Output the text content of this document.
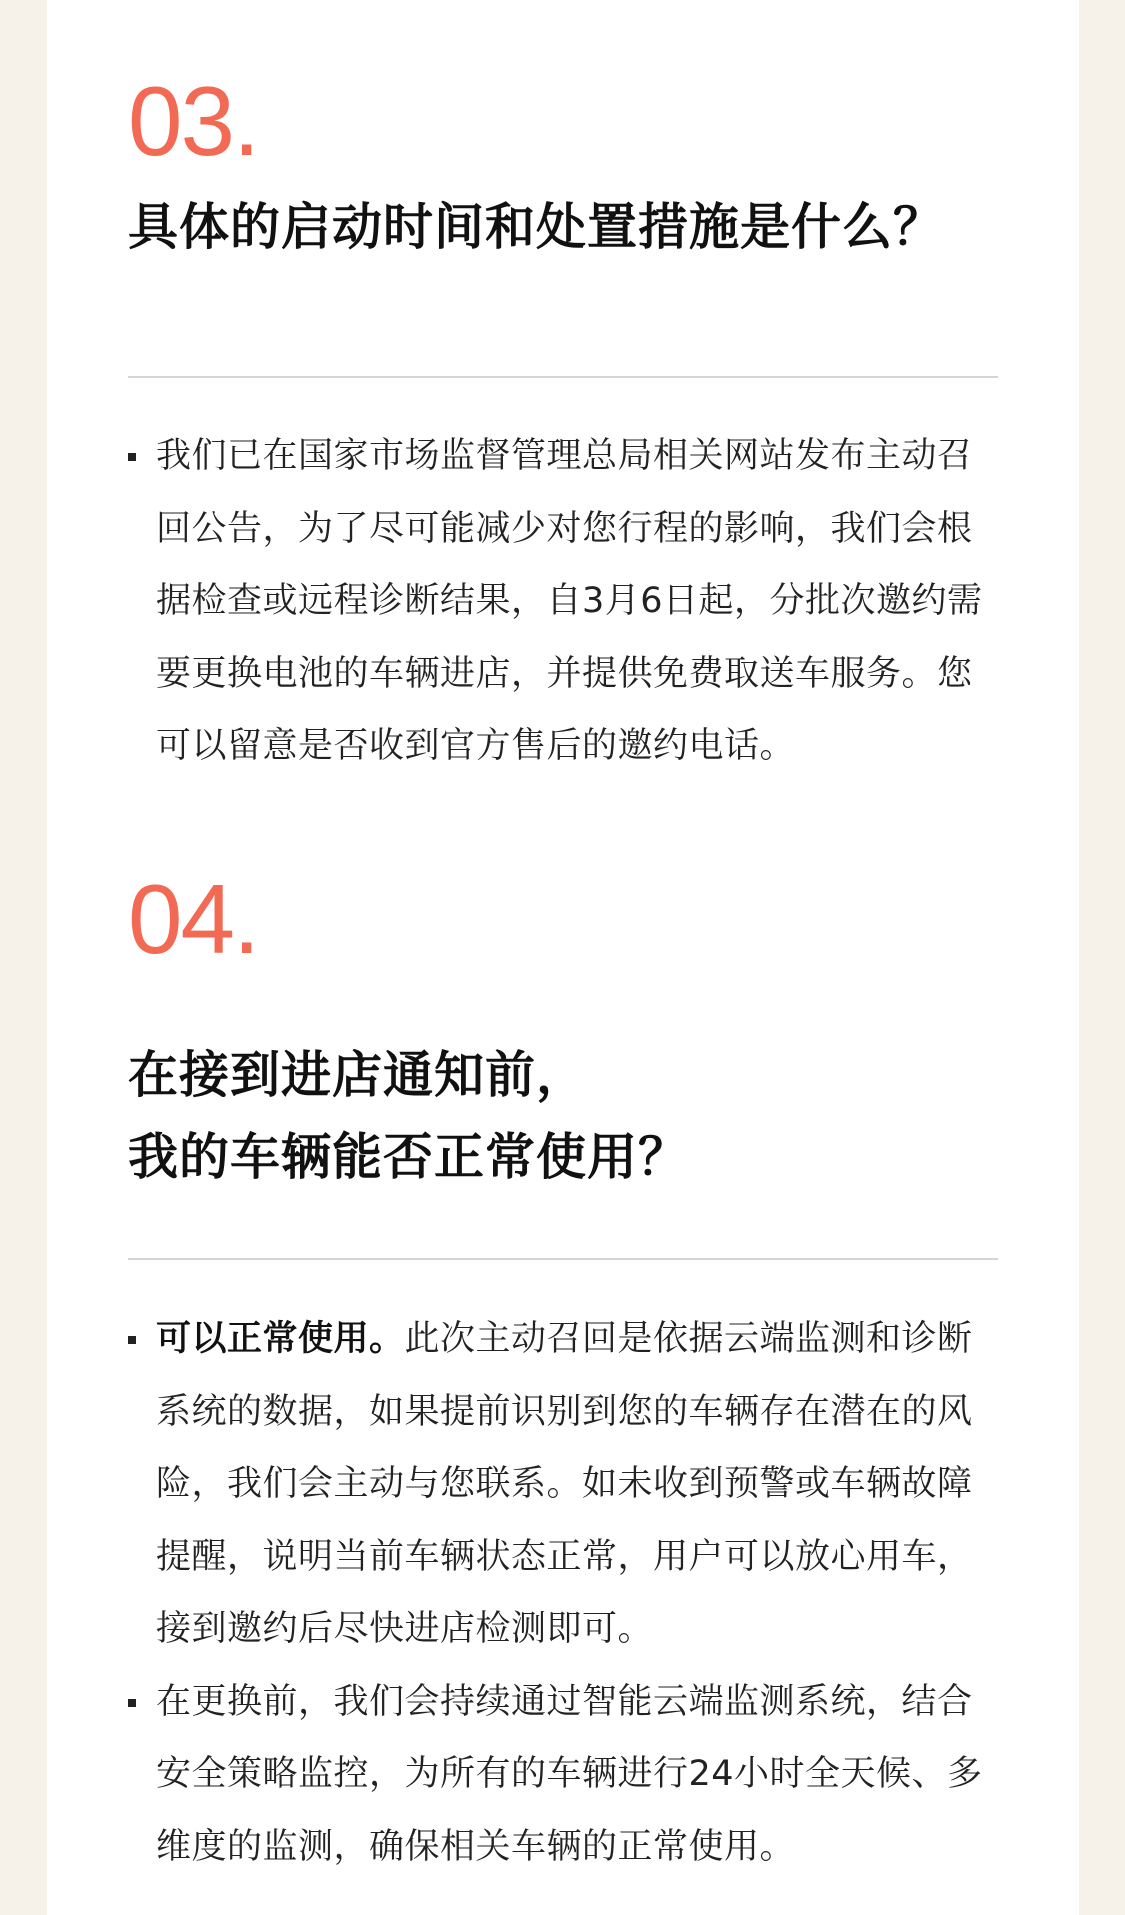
03.
具体的启动时间和处置措施是什么？
我们已在国家市场监督管理总局相关网站发布主动召回公告，为了尽可能减少对您行程的影响，我们会根据检查或远程诊断结果，自3月6日起，分批次邀约需要更换电池的车辆进店，并提供免费取送车服务。您可以留意是否收到官方售后的邀约电话。
04.
在接到进店通知前，
我的车辆能否正常使用？
可以正常使用。此次主动召回是依据云端监测和诊断系统的数据，如果提前识别到您的车辆存在潜在的风险，我们会主动与您联系。如未收到预警或车辆故障提醒，说明当前车辆状态正常，用户可以放心用车，接到邀约后尽快进店检测即可。
在更换前，我们会持续通过智能云端监测系统，结合安全策略监控，为所有的车辆进行24小时全天候、多维度的监测，确保相关车辆的正常使用。
